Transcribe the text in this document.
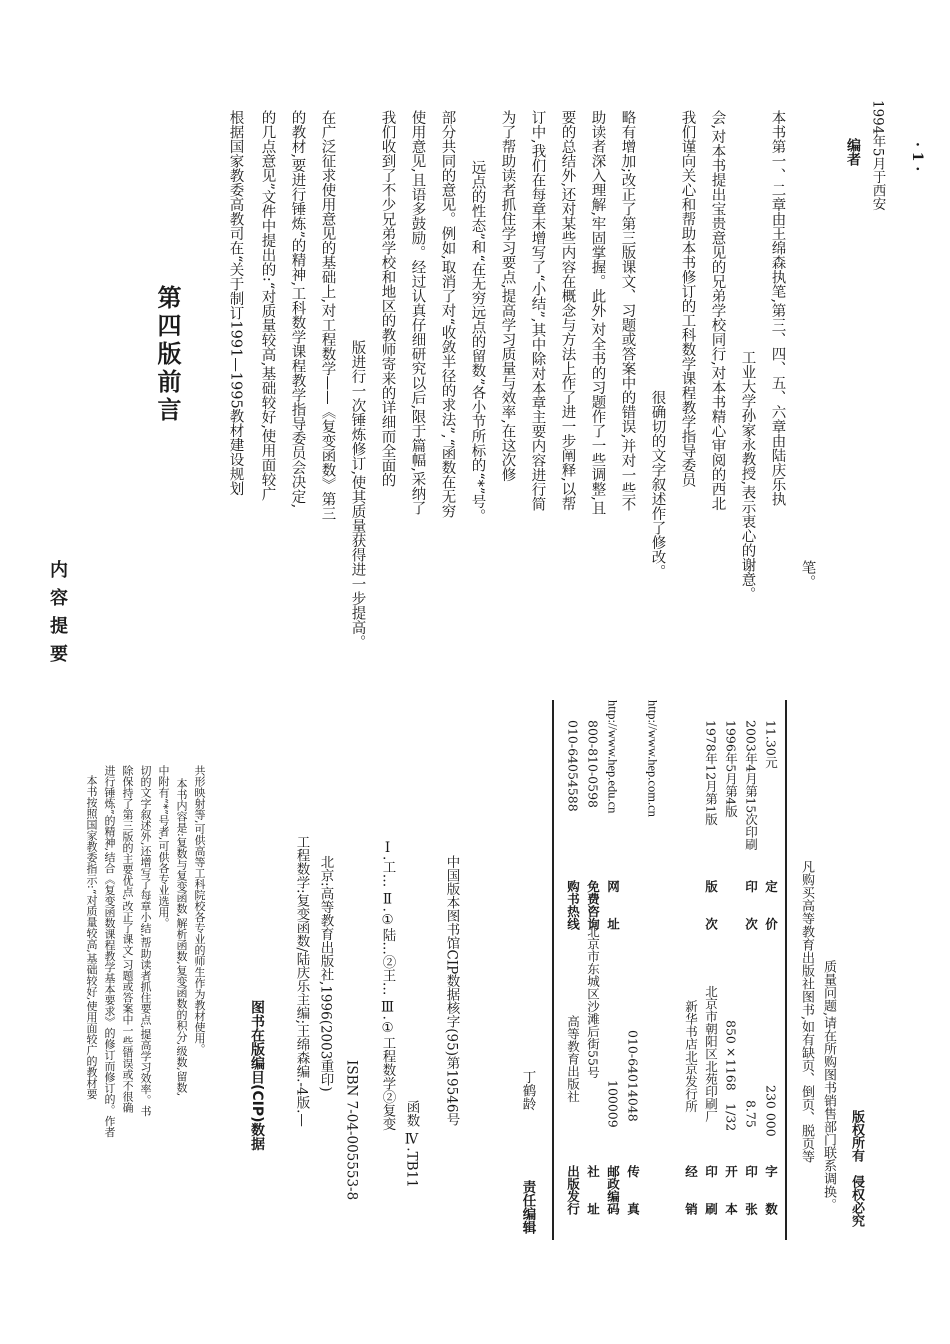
内容提要
本书按照国家教委指示:“对质量较高,基础较好,使用面较广的教材要 进行锤炼”的精神,结合《复变函数课程教学基本要求》的修订而修订的。作者 除保持了第三版的主要优点,改正了课文,习题或答案中一些错误或不很确 切的文字叙述外,还增写了每章小结,帮助读者抓住要点,提高学习效率。书 中附有“*”号者,可供各专业选用。 本书内容是:复数与复变函数,解析函数,复变函数的积分,级数,留数, 共形映射等,可供高等工科院校各专业的师生作为教材使用。
图书在版编目(CIP)数据 工程数学:复变函数/陆庆乐主编;王绵森编.-4版.— 北京:高等教育出版社,1996(2003重印)
ISBN 7-04-005553-8 Ⅰ.工… Ⅱ.①陆…②王… Ⅲ.①工程数学②复变
函数 Ⅳ.TB11
中国版本图书馆CIP数据核字(95)第19546号
责任编辑
丁鹤龄
出版发行
高等教育出版社
购书热线
010-64054588
社　　址
北京市东城区沙滩后街55号
免费咨询
800-810-0598
邮政编码
100009
网　　址
http://www.hep.edu.cn
传　　真
010-64014048
http://www.hep.com.cn
经　　销
新华书店北京发行所
印　　刷
北京市朝阳区北苑印刷厂
版　　次
1978年12月第1版
开　　本
850×1168　1/32
1996年5月第4版
印　　张
8.75
印　　次
2003年4月第15次印刷
字　　数
230 000
定　　价
11.30元
凡购买高等教育出版社图书,如有缺页、倒页、脱页等 质量问题,请在所购图书销售部门联系调换。 版权所有　侵权必究
第四版前言	根据国家教委高教司在“关于制订1991—1995教材建设规划 的几点意见”文件中提出的:“对质量较高,基础较好,使用面较广 的教材,要进行锤炼”的精神,工科数学课程教学指导委员会决定, 在广泛征求使用意见的基础上,对工程数学——《复变函数》第三 版进行一次锤炼修订,使其质量获得进一步提高。
我们收到了不少兄弟学校和地区的教师寄来的详细而全面的 使用意见,且语多鼓励。经过认真仔细研究以后,限于篇幅,采纳了 部分共同的意见。例如,取消了对“收敛半径的求法”,“函数在无穷 远点的性态”和“在无穷远点的留数”各小节所标的“*”号。 为了帮助读者抓住学习要点,提高学习质量与效率,在这次修 订中,我们在每章末增写了“小结”,其中除对本章主要内容进行简 要的总结外,还对某些内容在概念与方法上作了进一步阐释,以帮 助读者深入理解,牢固掌握。此外,对全书的习题作了一些调整,且 略有增加;改正了第三版课文、习题或答案中的错误,并对一些不 很确切的文字叙述作了修改。 我们谨向关心和帮助本书修订的工科数学课程教学指导委员 会,对本书提出宝贵意见的兄弟学校同行,对本书精心审阅的西北 工业大学孙家永教授,表示衷心的谢意。 本书第一、二章由王绵森执笔,第三、四、五、六章由陆庆乐执
笔。
编者 1994年5月于西安 · 1 ·
